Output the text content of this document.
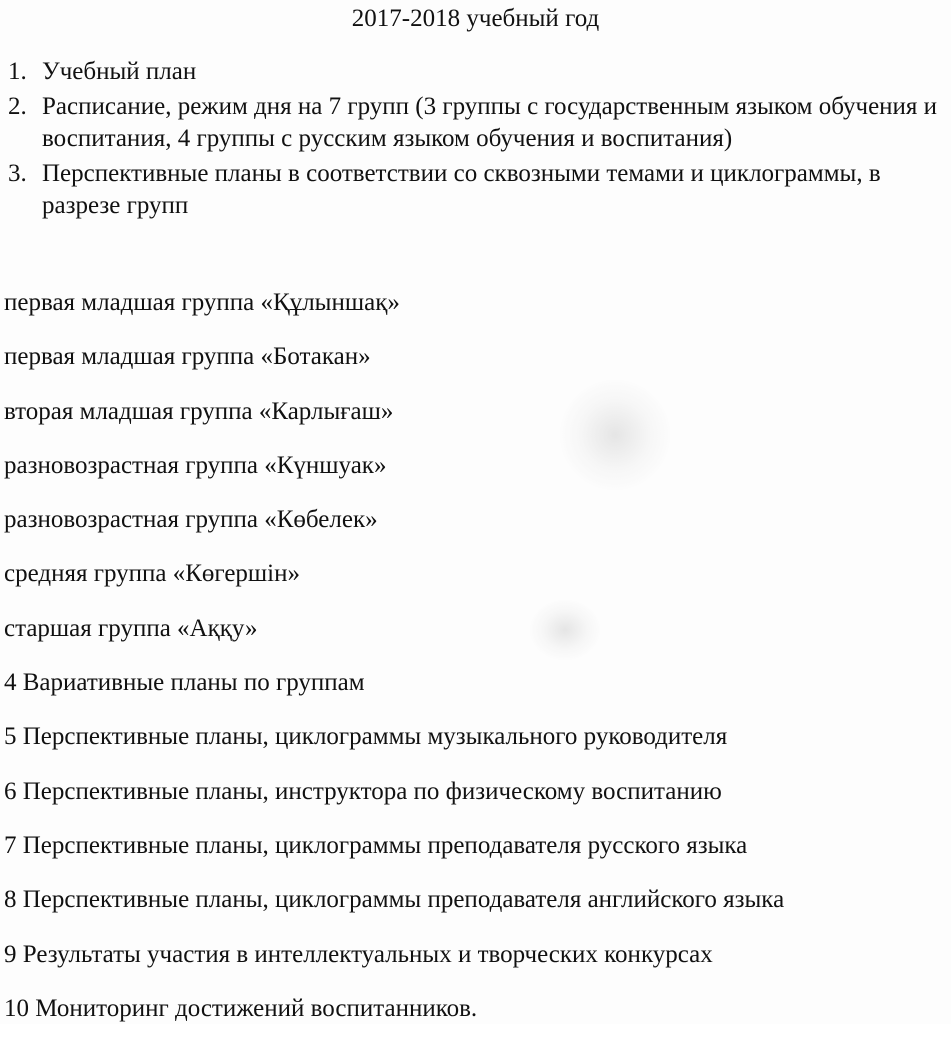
2017-2018 учебный год
1. Учебный план
2. Расписание, режим дня на 7 групп (3 группы с государственным языком обучения и воспитания, 4 группы с русским языком обучения и воспитания)
3. Перспективные планы в соответствии со сквозными темами и циклограммы, в разрезе групп
первая младшая группа «Құлыншақ»
первая младшая группа «Ботакан»
вторая младшая группа «Карлығаш»
разновозрастная группа «Күншуак»
разновозрастная группа «Көбелек»
средняя группа «Көгершін»
старшая группа «Аққу»
4 Вариативные планы по группам
5 Перспективные планы, циклограммы музыкального руководителя
6 Перспективные планы, инструктора по физическому воспитанию
7 Перспективные планы, циклограммы преподавателя русского языка
8 Перспективные планы, циклограммы преподавателя английского языка
9 Результаты участия в интеллектуальных и творческих конкурсах
10 Мониторинг достижений воспитанников.
